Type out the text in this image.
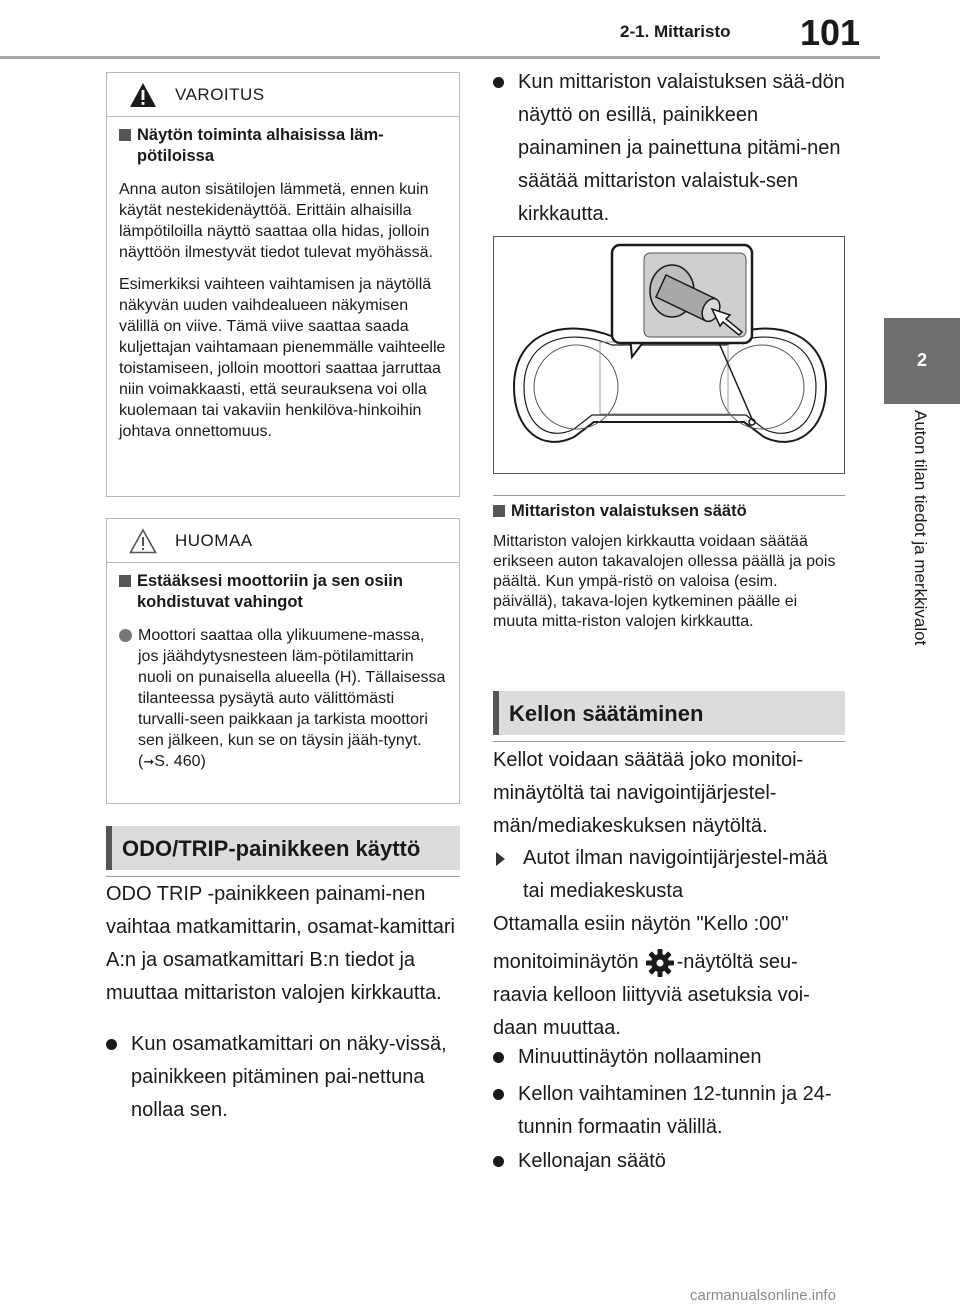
2-1. Mittaristo 101
2
Auton tilan tiedot ja merkkivalot
VAROITUS
Näytön toiminta alhaisissa läm-pötiloissa

Anna auton sisätilojen lämmetä, ennen kuin käytät nestekidenäyttöä. Erittäin alhaisilla lämpötiloilla näyttö saattaa olla hidas, jolloin näyttöön ilmestyvät tiedot tulevat myöhässä.

Esimerkiksi vaihteen vaihtamisen ja näytöllä näkyvän uuden vaihdealueen näkymisen välillä on viive. Tämä viive saattaa saada kuljettajan vaihtamaan pienemmälle vaihteelle toistamiseen, jolloin moottori saattaa jarruttaa niin voimakkaasti, että seurauksena voi olla kuolemaan tai vakaviin henkilöva-hinkoihin johtava onnettomuus.

HUOMAA
Estääksesi moottoriin ja sen osiin kohdistuvat vahingot
Moottori saattaa olla ylikuumene-massa, jos jäähdytysnesteen läm-pötilamittarin nuoli on punaisella alueella (H). Tällaisessa tilanteessa pysäytä auto välittömästi turvalli-seen paikkaan ja tarkista moottori sen jälkeen, kun se on täysin jääh-tynyt. (➞S. 460)
ODO/TRIP-painikkeen käyttö
ODO TRIP -painikkeen painami-nen vaihtaa matkamittarin, osamat-kamittari A:n ja osamatkamittari B:n tiedot ja muuttaa mittariston valojen kirkkautta.
Kun osamatkamittari on näky-vissä, painikkeen pitäminen pai-nettuna nollaa sen.
Kun mittariston valaistuksen sää-dön näyttö on esillä, painikkeen painaminen ja painettuna pitämi-nen säätää mittariston valaistuk-sen kirkkautta.
Mittariston valaistuksen säätö
Mittariston valojen kirkkautta voidaan säätää erikseen auton takavalojen ollessa päällä ja pois päältä. Kun ympä-ristö on valoisa (esim. päivällä), takava-lojen kytkeminen päälle ei muuta mitta-riston valojen kirkkautta.
Kellon säätäminen
Kellot voidaan säätää joko monitoi-minäytöltä tai navigointijärjestel-män/mediakeskuksen näytöltä.
Autot ilman navigointijärjestel-mää tai mediakeskusta
Ottamalla esiin näytön "Kello :00"
monitoiminäytön -näytöltä seu-
raavia kelloon liittyviä asetuksia voi-daan muuttaa.
Minuuttinäytön nollaaminen
Kellon vaihtaminen 12-tunnin ja 24-tunnin formaatin välillä.
Kellonajan säätö
carmanualsonline.info
